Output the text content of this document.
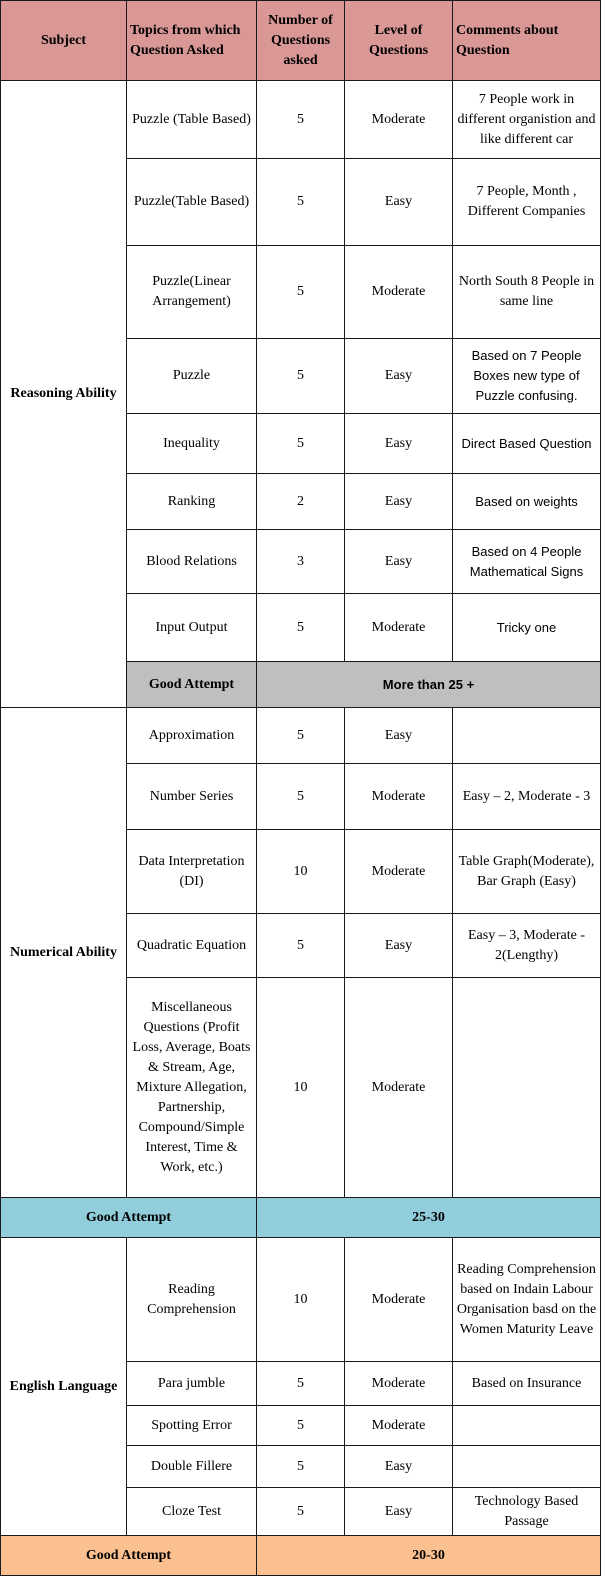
Subject	Topics from which Question Asked	Number of Questions asked	Level of Questions	Comments about Question
Reasoning Ability	Puzzle (Table Based)	5	Moderate	7 People work in different organistion and like different car
	Puzzle(Table Based)	5	Easy	7 People, Month , Different Companies
	Puzzle(Linear Arrangement)	5	Moderate	North South 8 People in same line
	Puzzle	5	Easy	Based on 7 People Boxes new type of Puzzle confusing.
	Inequality	5	Easy	Direct Based Question
	Ranking	2	Easy	Based on weights
	Blood Relations	3	Easy	Based on 4 People Mathematical Signs
	Input Output	5	Moderate	Tricky one
	Good Attempt	More than 25 +		
Numerical Ability	Approximation	5	Easy	
	Number Series	5	Moderate	Easy – 2, Moderate - 3
	Data Interpretation (DI)	10	Moderate	Table Graph(Moderate), Bar Graph (Easy)
	Quadratic Equation	5	Easy	Easy – 3, Moderate - 2(Lengthy)
	Miscellaneous Questions (Profit Loss, Average, Boats & Stream, Age, Mixture Allegation, Partnership, Compound/Simple Interest, Time & Work, etc.)	10	Moderate	
Good Attempt		25-30		
English Language	Reading Comprehension	10	Moderate	Reading Comprehension based on Indain Labour Organisation basd on the Women Maturity Leave
	Para jumble	5	Moderate	Based on Insurance
	Spotting Error	5	Moderate	
	Double Fillere	5	Easy	
	Cloze Test	5	Easy	Technology Based Passage
Good Attempt		20-30		
